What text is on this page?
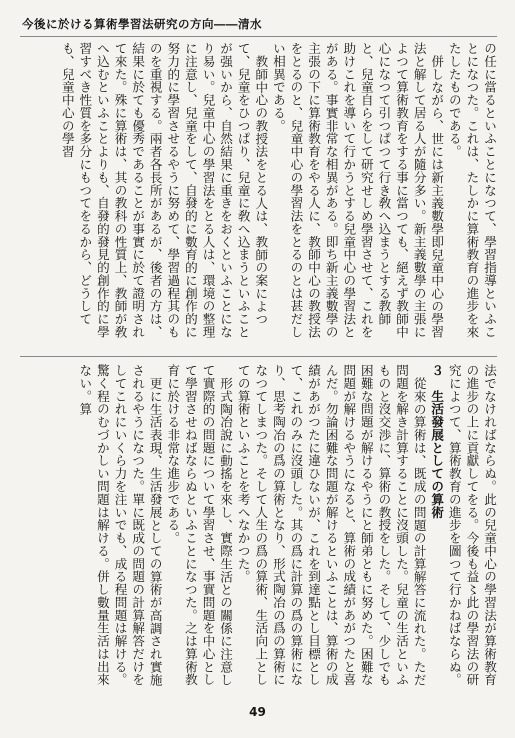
今後に於ける算術學習法研究の方向――清水

の任に當るといふことになつて、學習指導といふことになつた。これは、たしかに算術教育の進步を來たしたものである。

併しながら、世には新主義數學即兒童中心の學習法と解して居る人が隨分多い。新主義數學の主張によつて算術教育をする事に當つても、絕えず教師中心になつて引つぱつて行き敎へ込まうとする教師と、兒童自らをして研究せしめ學習させて、これを助けこれを導いて行かうとする兒童中心の學習法とがある。事實非常な相異がある。即ち新主義數學の主張の下に算術教育をやる人に、教師中心の教授法をとるのと、兒童中心の學習法をとるのとは甚だしい相異である。

教師中心の教授法をとる人は、教師の案によつて、兒童をひつぱり、兒童に敎へ込まうといふことが强いから、自然結果に重きをおくといふことになり易い。兒童中心の學習法をとる人は、環境の整理に注意し、兒童をして、自發的に數育的に創作的に努力的に學習させるやうに努めて、學習過程其のものを重視する。兩者各長所があるが、後者の方は、結果に於ても優秀であることが事實に於て證明されて來た。殊に算術は、其の教科の性質上、教師が敎へ込むといふことよりも、自發的發見的創作的に學習すべき性質を多分にもつてをるから、どうしても、兒童中心の學習

法でなければならぬ。此の兒童中心の學習法が算術教育の進步の上に貢獻してをる。今後も益〻此の學習法の研究によつて、算術教育の進步を圖つて行かねばならぬ。

３　生活發展としての算術

從來の算術は、既成の問題の計算解答に流れた。ただ問題を解き計算することに沒頭した。兒童の生活といふものと沒交渉に、算術の教授をした。そして、少しでも困難な問題が解けるやうにと師弟ともに努めた。困難な問題が解けるやうになると、算術の成績があがつたと喜んだ。勿論困難な問題が解けるといふことは、算術の成績があがつたに違ひないが、これを到達點とし目標として、これのみに沒頭した。其の爲に計算の爲の算術になり、思考陶冶の爲の算術となり、形式陶冶の爲の算術になつてしまつた。そして人生の爲の算術、生活向上としての算術といふことを考へなかつた。

形式陶冶說に動搖を來し、實際生活との關係に注意して實際的の問題について學習させ、事實問題を中心として學習させねばならぬといふことになつた。之は算術教育に於ける非常な進步である。

更に生活表現、生活發展としての算術が高調され實施されるやうになつた。單に既成の問題の計算解答だけをしてこれにいくら力を注いでも、成る程問題は解ける。驚く程のむづかしい問題は解ける。併し數量生活は出來ない。算

49
